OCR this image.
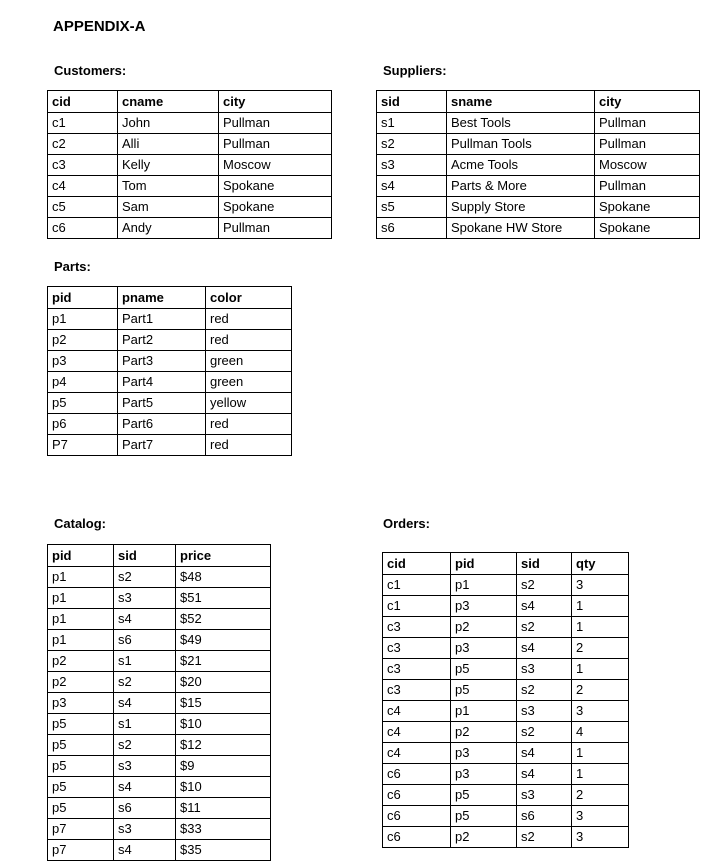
APPENDIX-A
Customers:
cid	cname	city
c1	John	Pullman
c2	Alli	Pullman
c3	Kelly	Moscow
c4	Tom	Spokane
c5	Sam	Spokane
c6	Andy	Pullman
Suppliers:
sid	sname	city
s1	Best Tools	Pullman
s2	Pullman Tools	Pullman
s3	Acme Tools	Moscow
s4	Parts & More	Pullman
s5	Supply Store	Spokane
s6	Spokane HW Store	Spokane
Parts:
pid	pname	color
p1	Part1	red
p2	Part2	red
p3	Part3	green
p4	Part4	green
p5	Part5	yellow
p6	Part6	red
P7	Part7	red
Catalog:
pid	sid	price
p1	s2	$48
p1	s3	$51
p1	s4	$52
p1	s6	$49
p2	s1	$21
p2	s2	$20
p3	s4	$15
p5	s1	$10
p5	s2	$12
p5	s3	$9
p5	s4	$10
p5	s6	$11
p7	s3	$33
p7	s4	$35
Orders:
cid	pid	sid	qty
c1	p1	s2	3
c1	p3	s4	1
c3	p2	s2	1
c3	p3	s4	2
c3	p5	s3	1
c3	p5	s2	2
c4	p1	s3	3
c4	p2	s2	4
c4	p3	s4	1
c6	p3	s4	1
c6	p5	s3	2
c6	p5	s6	3
c6	p2	s2	3
